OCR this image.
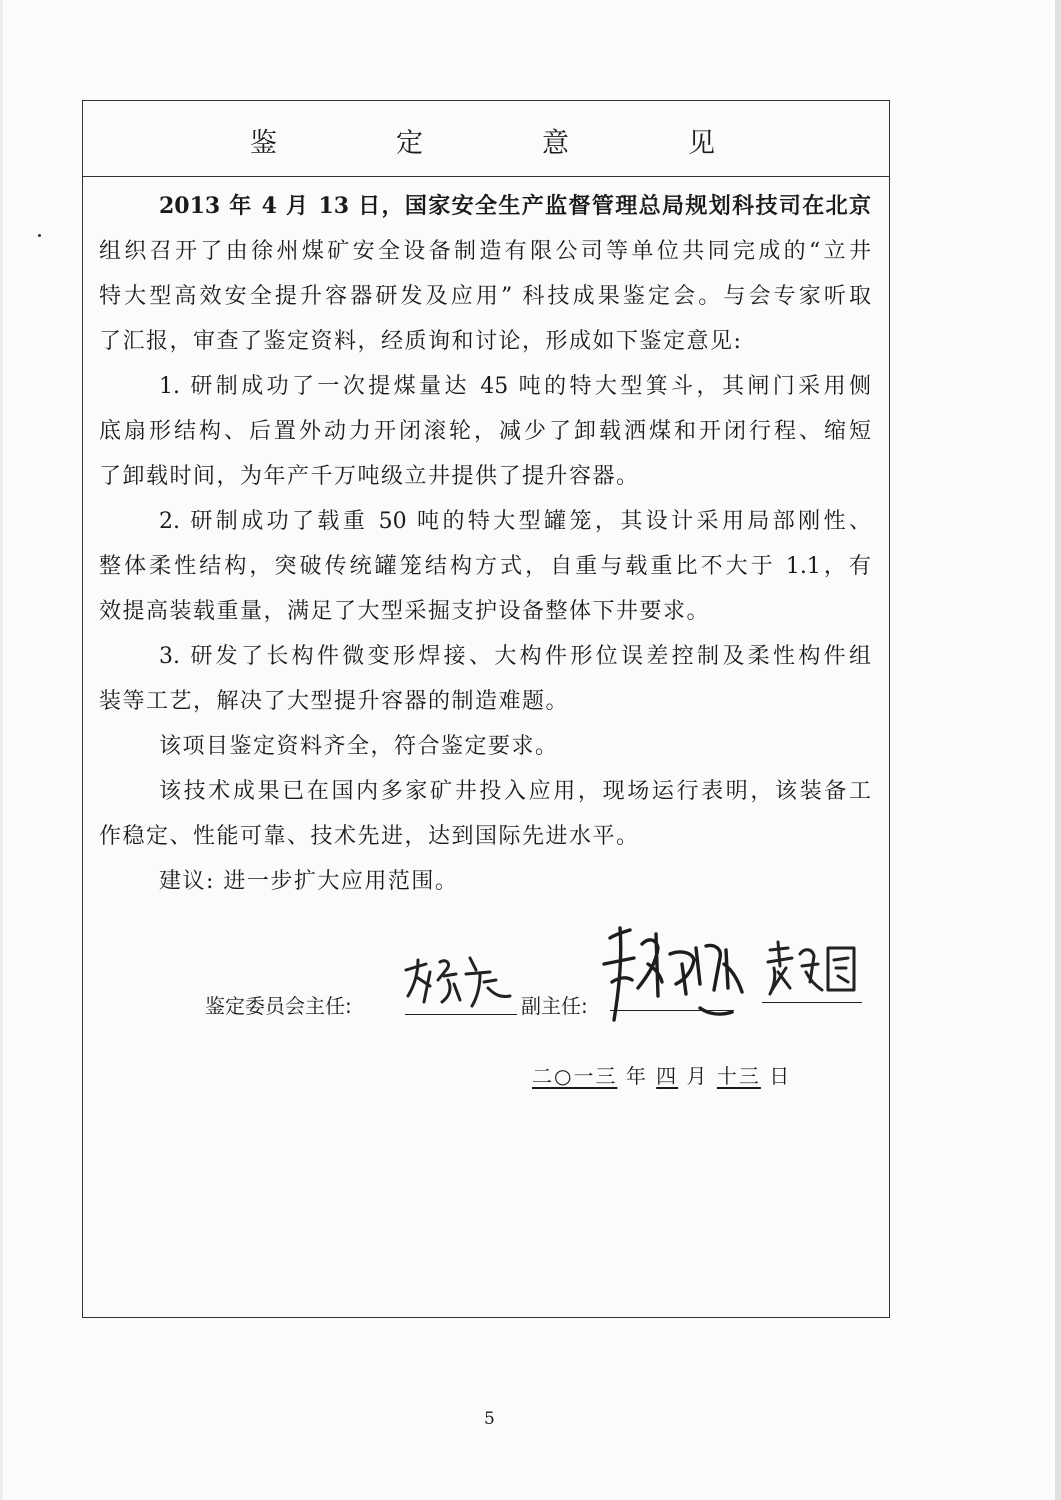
鉴	定	意	见
2013 年 4 月 13 日，国家安全生产监督管理总局规划科技司在北京
组织召开了由徐州煤矿安全设备制造有限公司等单位共同完成的“立井
特大型高效安全提升容器研发及应用” 科技成果鉴定会。与会专家听取
了汇报，审查了鉴定资料，经质询和讨论，形成如下鉴定意见:
1. 研制成功了一次提煤量达 45 吨的特大型箕斗，其闸门采用侧
底扇形结构、后置外动力开闭滚轮，减少了卸载洒煤和开闭行程、缩短
了卸载时间，为年产千万吨级立井提供了提升容器。
2. 研制成功了载重 50 吨的特大型罐笼，其设计采用局部刚性、
整体柔性结构，突破传统罐笼结构方式，自重与载重比不大于 1.1，有
效提高装载重量，满足了大型采掘支护设备整体下井要求。
3. 研发了长构件微变形焊接、大构件形位误差控制及柔性构件组
装等工艺，解决了大型提升容器的制造难题。
该项目鉴定资料齐全，符合鉴定要求。
该技术成果已在国内多家矿井投入应用，现场运行表明，该装备工
作稳定、性能可靠、技术先进，达到国际先进水平。
建议: 进一步扩大应用范围。
鉴定委员会主任:	副主任:
二○一三 年 四 月 十三 日
5
